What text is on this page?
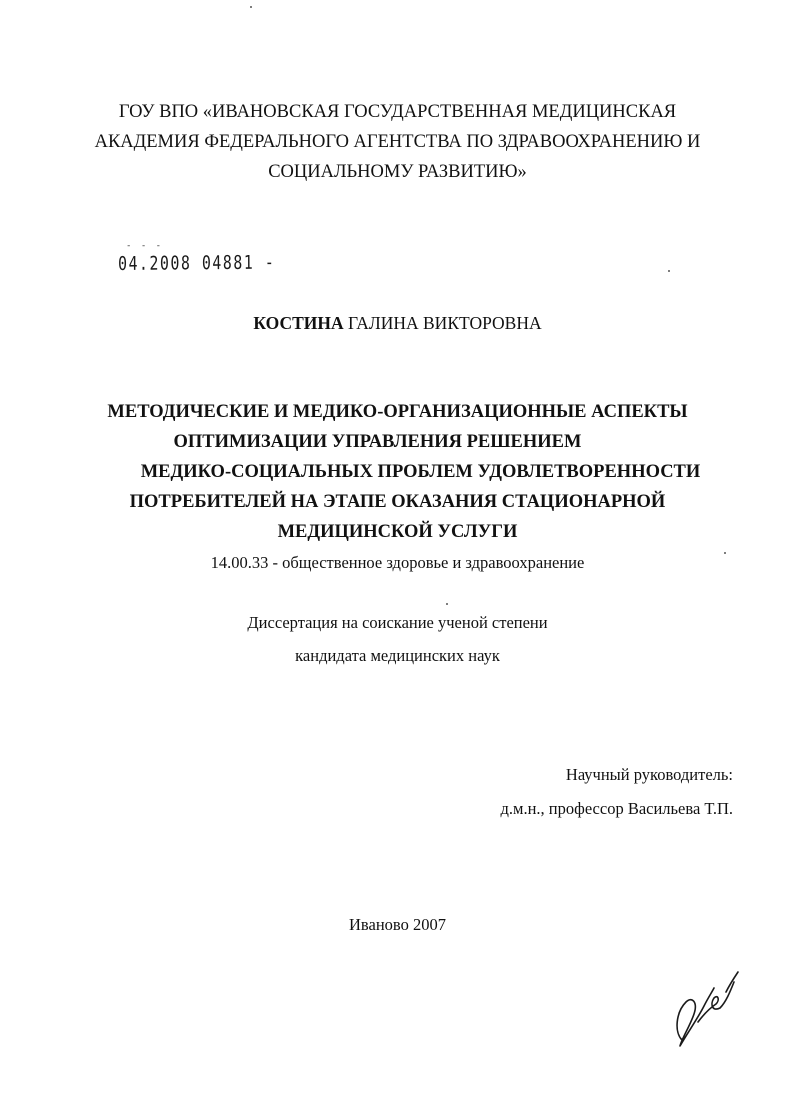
ГОУ ВПО «ИВАНОВСКАЯ ГОСУДАРСТВЕННАЯ МЕДИЦИНСКАЯ
АКАДЕМИЯ ФЕДЕРАЛЬНОГО АГЕНТСТВА ПО ЗДРАВООХРАНЕНИЮ И
СОЦИАЛЬНОМУ РАЗВИТИЮ»
- - -
04.2008 04881 -
КОСТИНА ГАЛИНА ВИКТОРОВНА
МЕТОДИЧЕСКИЕ И МЕДИКО-ОРГАНИЗАЦИОННЫЕ АСПЕКТЫ
ОПТИМИЗАЦИИ УПРАВЛЕНИЯ РЕШЕНИЕМ
МЕДИКО-СОЦИАЛЬНЫХ ПРОБЛЕМ УДОВЛЕТВОРЕННОСТИ
ПОТРЕБИТЕЛЕЙ НА ЭТАПЕ ОКАЗАНИЯ СТАЦИОНАРНОЙ
МЕДИЦИНСКОЙ УСЛУГИ
14.00.33 - общественное здоровье и здравоохранение
Диссертация на соискание ученой степени
кандидата медицинских наук
Научный руководитель:
д.м.н., профессор Васильева Т.П.
Иваново 2007
